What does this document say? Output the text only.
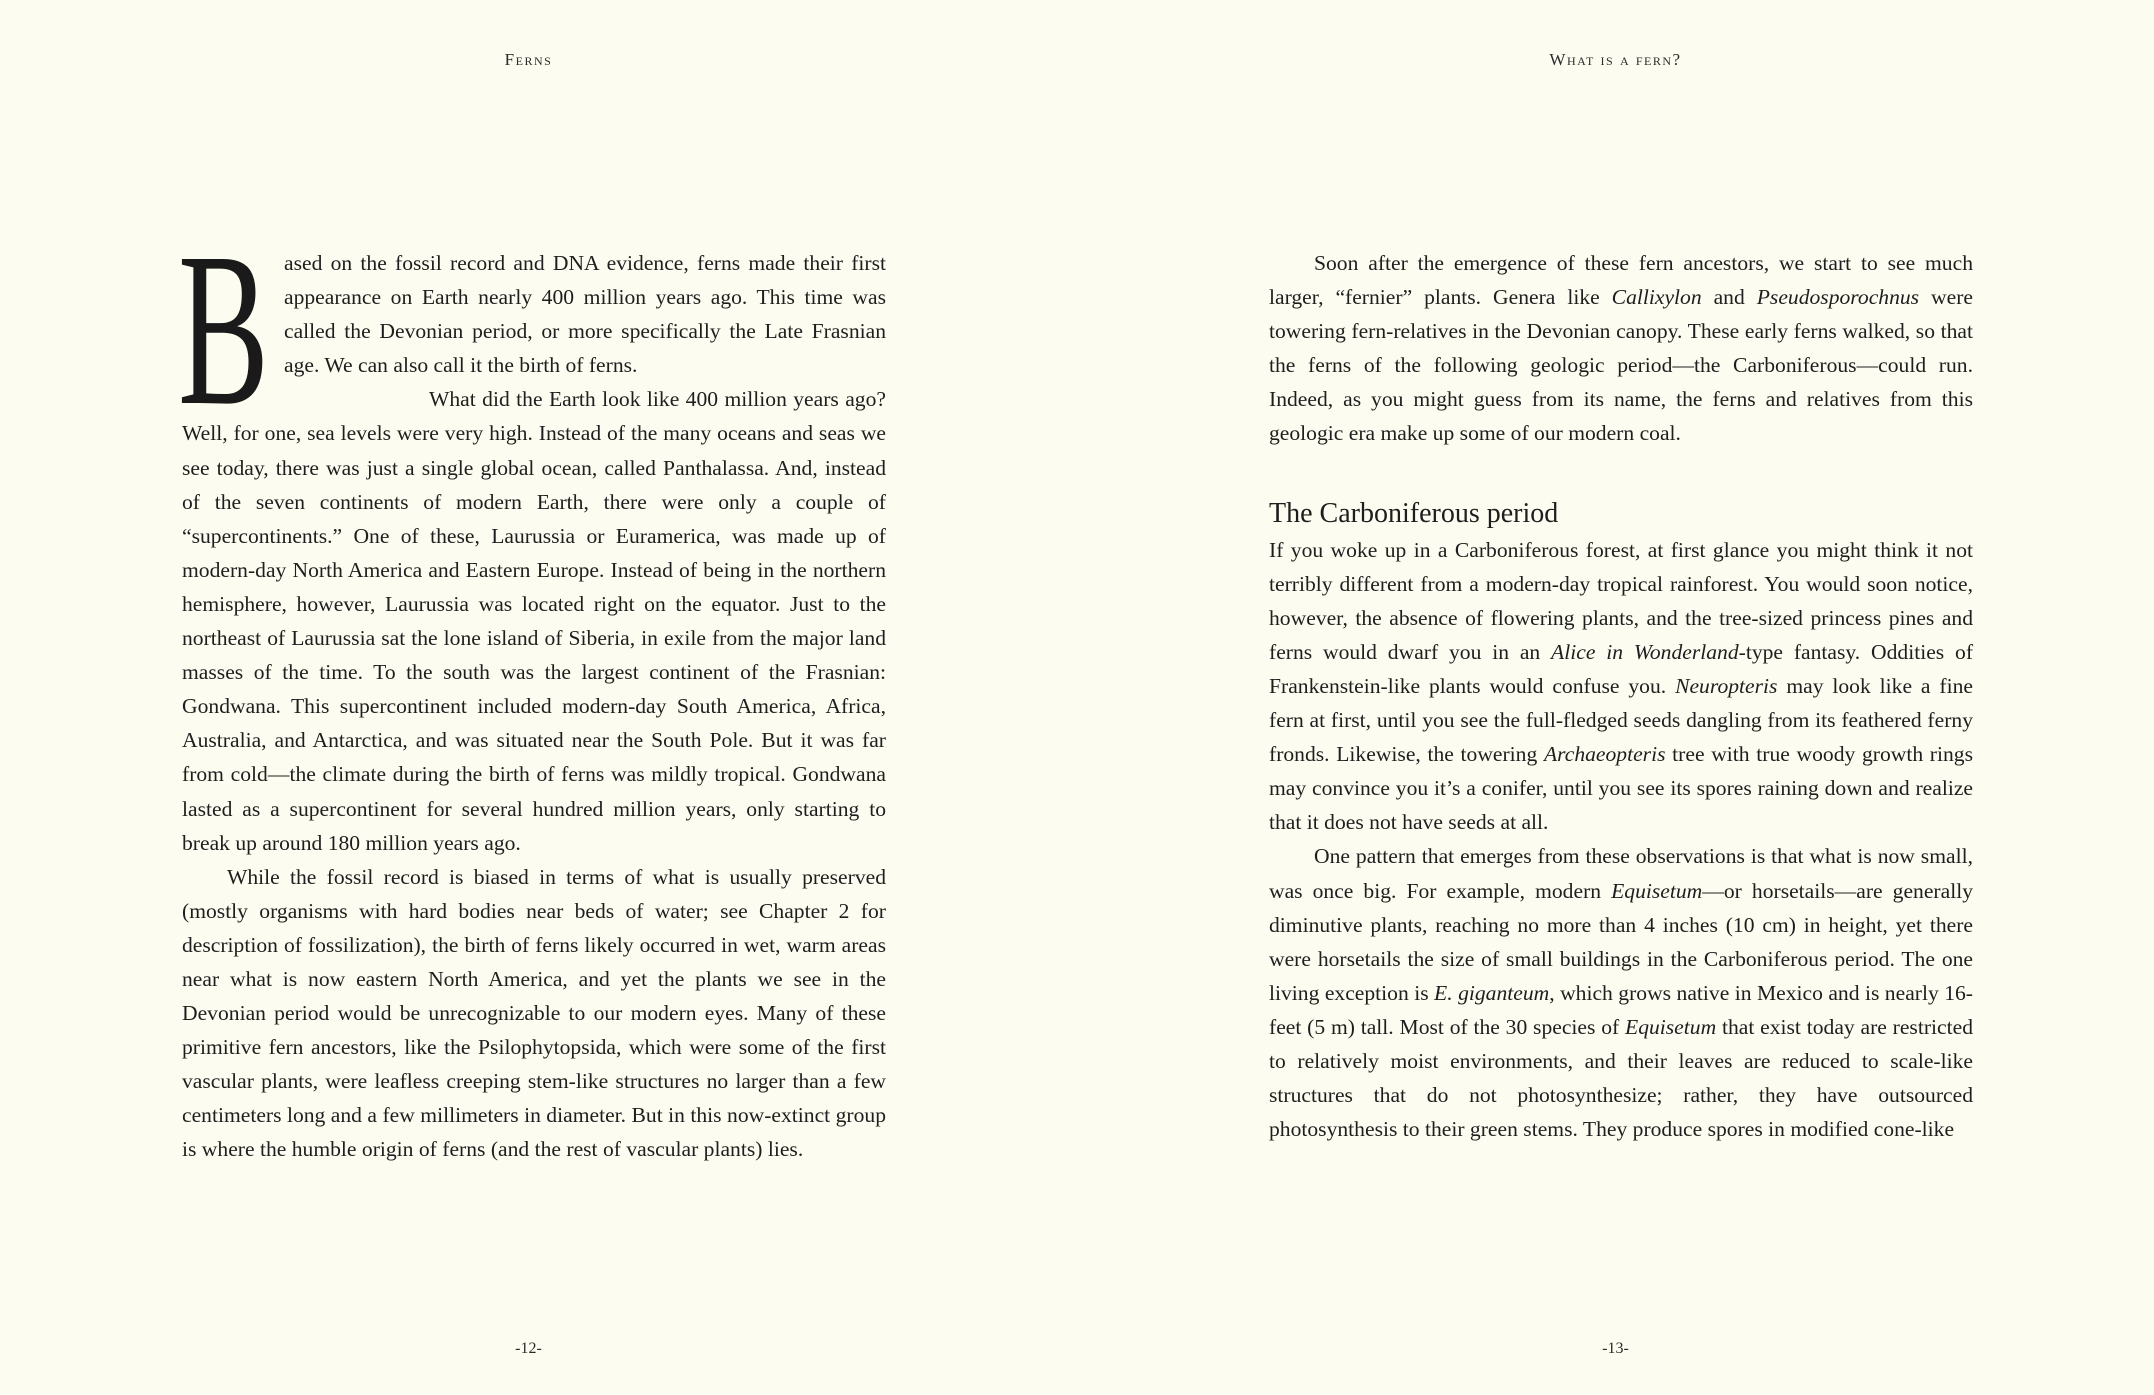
Ferns

Based on the fossil record and DNA evidence, ferns made their first appearance on Earth nearly 400 million years ago. This time was called the Devonian period, or more specifically the Late Frasnian age. We can also call it the birth of ferns.

What did the Earth look like 400 million years ago? Well, for one, sea levels were very high. Instead of the many oceans and seas we see today, there was just a single global ocean, called Panthalassa. And, instead of the seven continents of modern Earth, there were only a couple of “supercontinents.” One of these, Laurussia or Euramerica, was made up of modern-day North America and Eastern Europe. Instead of being in the northern hemisphere, however, Laurussia was located right on the equator. Just to the northeast of Laurussia sat the lone island of Siberia, in exile from the major land masses of the time. To the south was the largest continent of the Frasnian: Gondwana. This supercontinent included modern-day South America, Africa, Australia, and Antarctica, and was situated near the South Pole. But it was far from cold—the climate during the birth of ferns was mildly tropical. Gondwana lasted as a supercontinent for several hundred million years, only starting to break up around 180 million years ago.

While the fossil record is biased in terms of what is usually preserved (mostly organisms with hard bodies near beds of water; see Chapter 2 for description of fossilization), the birth of ferns likely occurred in wet, warm areas near what is now eastern North America, and yet the plants we see in the Devonian period would be unrecognizable to our modern eyes. Many of these primitive fern ancestors, like the Psilophytopsida, which were some of the first vascular plants, were leafless creeping stem-like structures no larger than a few centimeters long and a few millimeters in diameter. But in this now-extinct group is where the humble origin of ferns (and the rest of vascular plants) lies.

-12-
What is a fern?

Soon after the emergence of these fern ancestors, we start to see much larger, “fernier” plants. Genera like Callixylon and Pseudosporochnus were towering fern-relatives in the Devonian canopy. These early ferns walked, so that the ferns of the following geologic period—the Carboniferous—could run. Indeed, as you might guess from its name, the ferns and relatives from this geologic era make up some of our modern coal.

The Carboniferous period

If you woke up in a Carboniferous forest, at first glance you might think it not terribly different from a modern-day tropical rainforest. You would soon notice, however, the absence of flowering plants, and the tree-sized princess pines and ferns would dwarf you in an Alice in Wonderland-type fantasy. Oddities of Frankenstein-like plants would confuse you. Neuropteris may look like a fine fern at first, until you see the full-fledged seeds dangling from its feathered ferny fronds. Likewise, the towering Archaeopteris tree with true woody growth rings may convince you it’s a conifer, until you see its spores raining down and realize that it does not have seeds at all.

One pattern that emerges from these observations is that what is now small, was once big. For example, modern Equisetum—or horsetails—are generally diminutive plants, reaching no more than 4 inches (10 cm) in height, yet there were horsetails the size of small buildings in the Carboniferous period. The one living exception is E. giganteum, which grows native in Mexico and is nearly 16-feet (5 m) tall. Most of the 30 species of Equisetum that exist today are restricted to relatively moist environments, and their leaves are reduced to scale-like structures that do not photosynthesize; rather, they have outsourced photosynthesis to their green stems. They produce spores in modified cone-like

-13-
